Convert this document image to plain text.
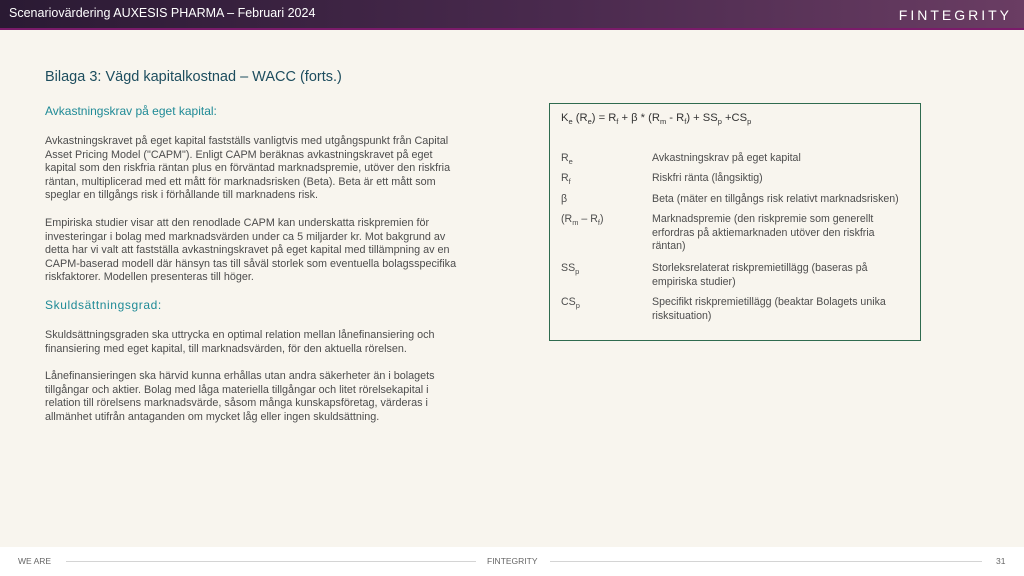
Scenariovärdering AUXESIS PHARMA – Februari 2024	FINTEGRITY
Bilaga 3: Vägd kapitalkostnad – WACC (forts.)

Avkastningskrav på eget kapital:

Avkastningskravet på eget kapital fastställs vanligtvis med utgångspunkt från Capital Asset Pricing Model ("CAPM"). Enligt CAPM beräknas avkastningskravet på eget kapital som den riskfria räntan plus en förväntad marknadspremie, utöver den riskfria räntan, multiplicerad med ett mått för marknadsrisken (Beta). Beta är ett mått som speglar en tillgångs risk i förhållande till marknadens risk.

Empiriska studier visar att den renodlade CAPM kan underskatta riskpremien för investeringar i bolag med marknadsvärden under ca 5 miljarder kr. Mot bakgrund av detta har vi valt att fastställa avkastningskravet på eget kapital med tillämpning av en CAPM-baserad modell där hänsyn tas till såväl storlek som eventuella bolagsspecifika riskfaktorer. Modellen presenteras till höger.

Skuldsättningsgrad:

Skuldsättningsgraden ska uttrycka en optimal relation mellan lånefinansiering och finansiering med eget kapital, till marknadsvärden, för den aktuella rörelsen.

Lånefinansieringen ska härvid kunna erhållas utan andra säkerheter än i bolagets tillgångar och aktier. Bolag med låga materiella tillgångar och litet rörelsekapital i relation till rörelsens marknadsvärde, såsom många kunskapsföretag, värderas i allmänhet utifrån antaganden om mycket låg eller ingen skuldsättning.

$K_e$ $(R_e) = R_f + \beta * (R_m - R_f) + SS_p +CS_p$
$R_e$	Avkastningskrav på eget kapital
$R_f$	Riskfri ränta (långsiktig)
β	Beta (mäter en tillgångs risk relativt marknadsrisken)
$(R_m - R_f)$	Marknadspremie (den riskpremie som generellt erfordras på aktiemarknaden utöver den riskfria räntan)
$SS_p$	Storleksrelaterat riskpremietillägg (baseras på empiriska studier)
$CS_p$	Specifikt riskpremietillägg (beaktar Bolagets unika risksituation)
WE ARE	FINTEGRITY	31
